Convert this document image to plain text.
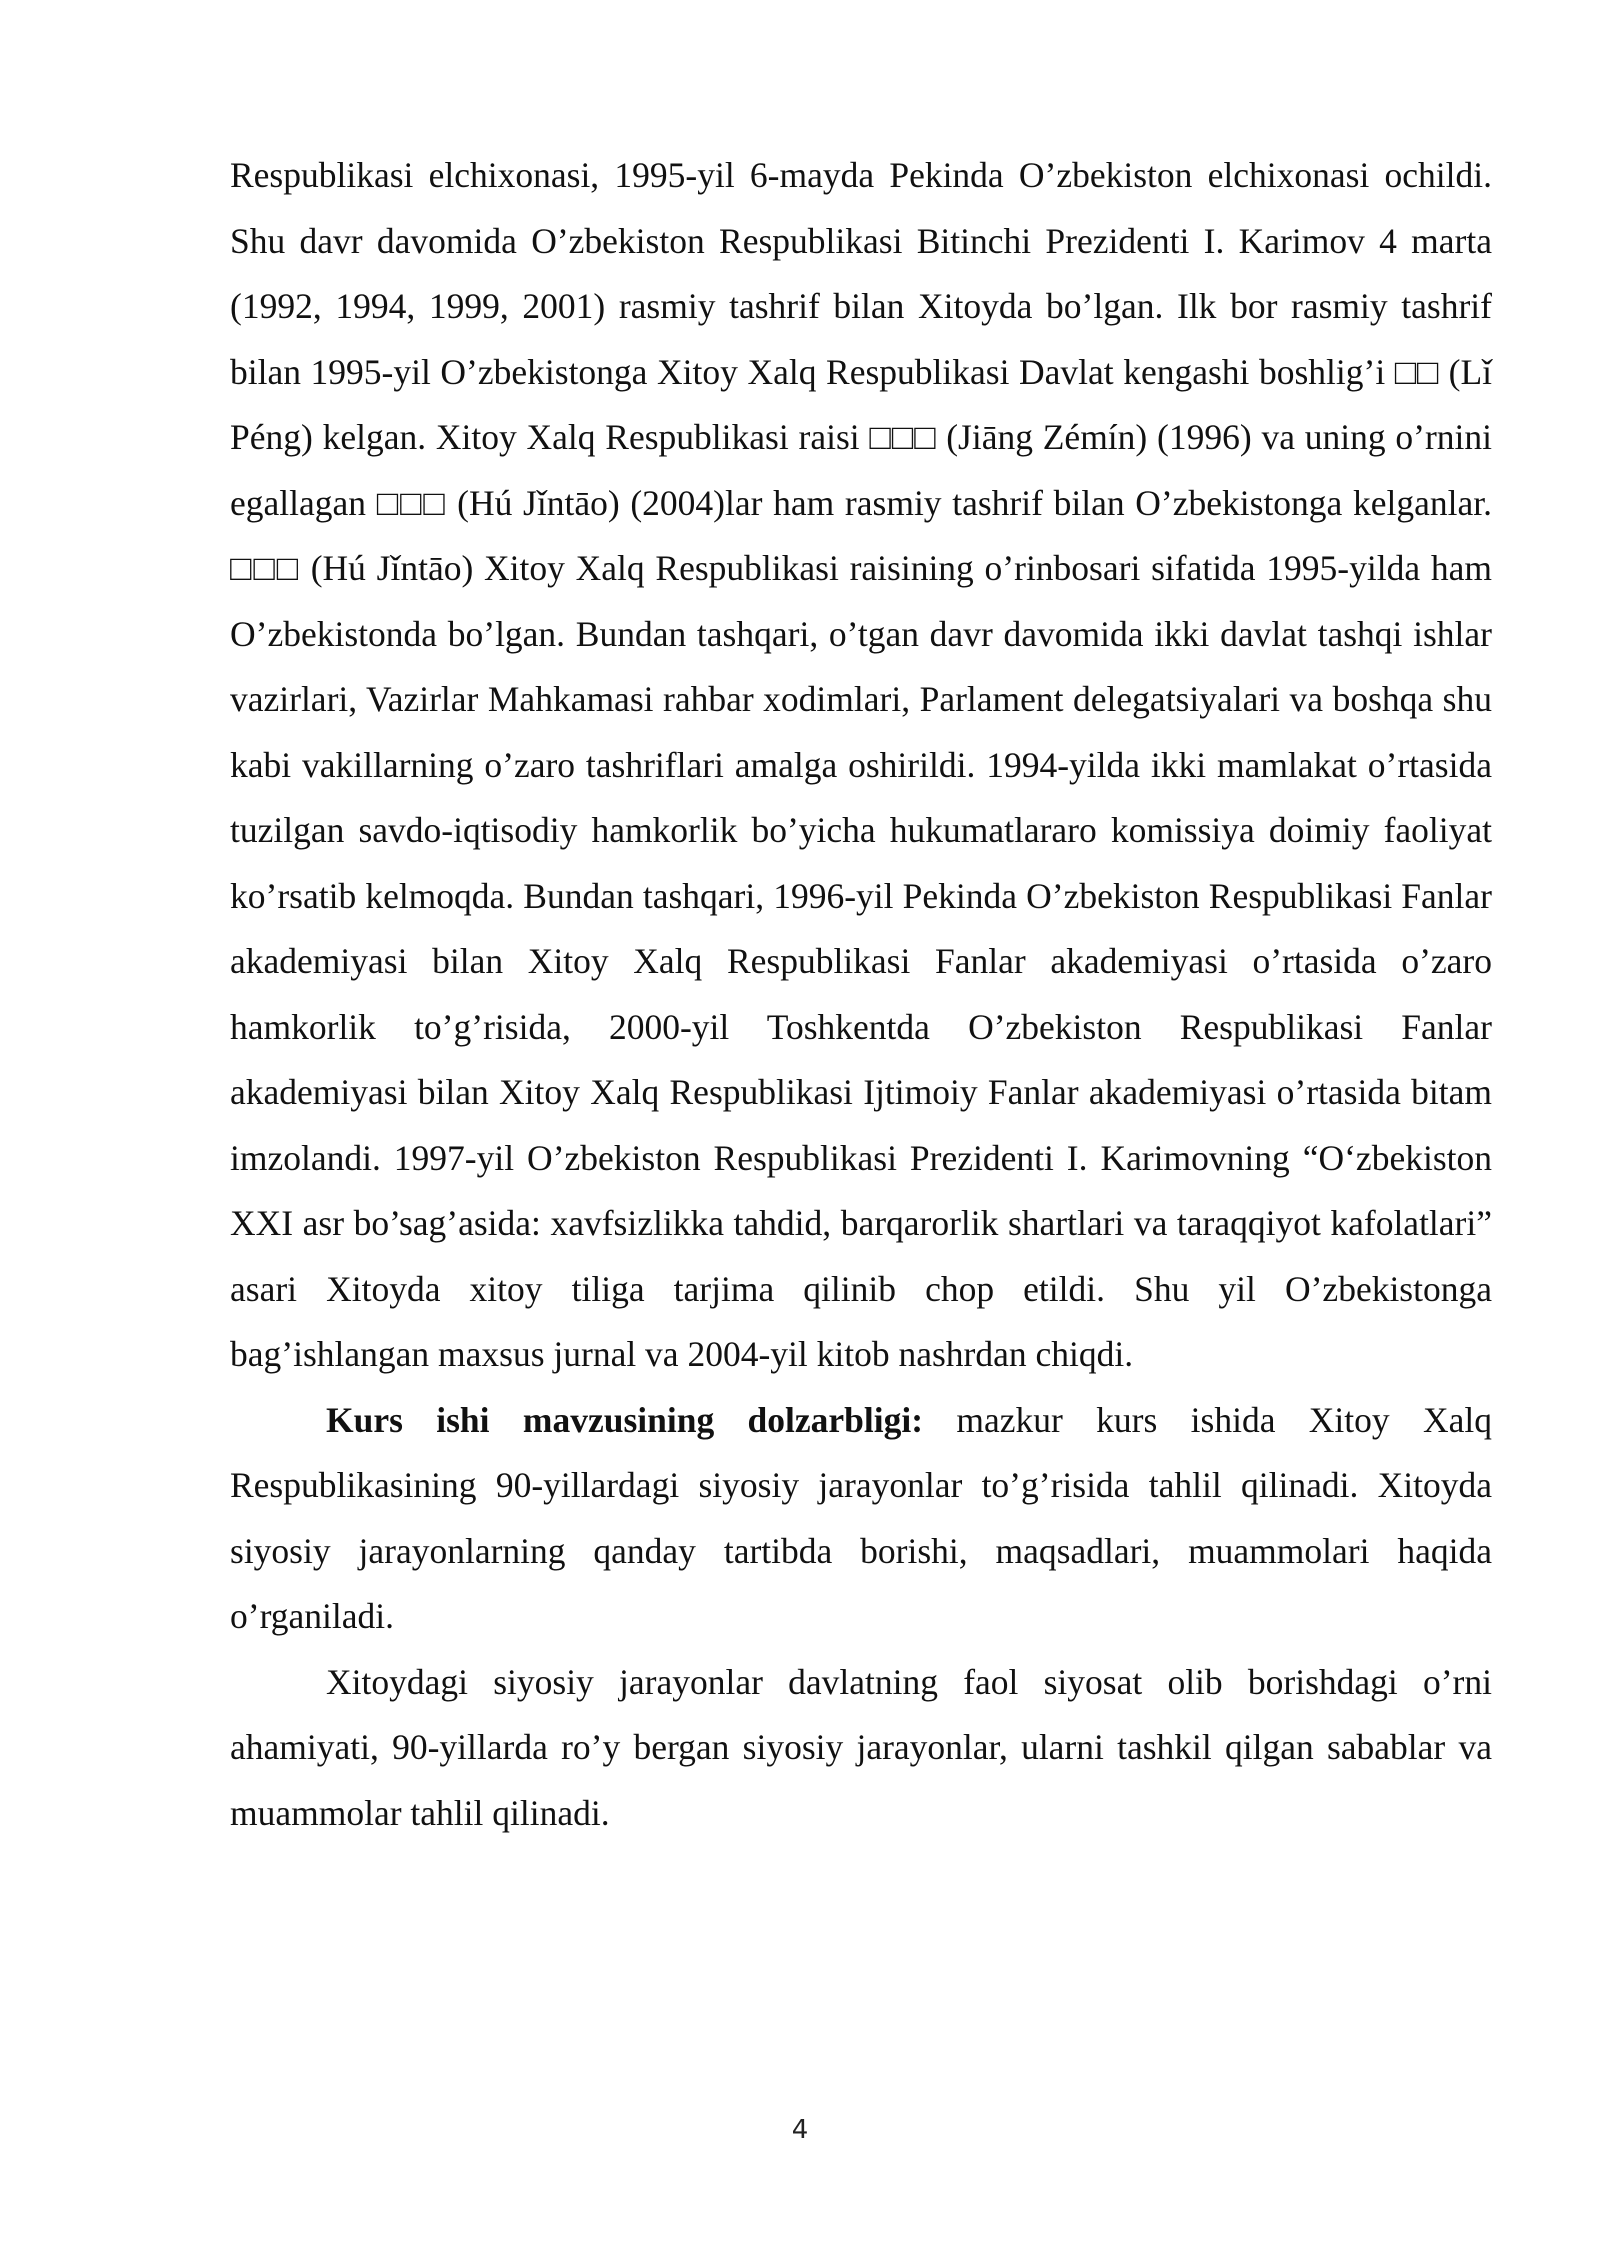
Respublikasi elchixonasi, 1995-yil 6-mayda Pekinda O’zbekiston elchixonasi ochildi. Shu davr davomida O’zbekiston Respublikasi Bitinchi Prezidenti I. Karimov 4 marta (1992, 1994, 1999, 2001) rasmiy tashrif bilan Xitoyda bo’lgan. Ilk bor rasmiy tashrif bilan 1995-yil O’zbekistonga Xitoy Xalq Respublikasi Davlat kengashi boshlig’i □□ (Lǐ Péng) kelgan. Xitoy Xalq Respublikasi raisi □□□ (Jiāng Zémín) (1996) va uning o’rnini egallagan □□□ (Hú Jǐntāo) (2004)lar ham rasmiy tashrif bilan O’zbekistonga kelganlar. □□□ (Hú Jǐntāo) Xitoy Xalq Respublikasi raisining o’rinbosari sifatida 1995-yilda ham O’zbekistonda bo’lgan. Bundan tashqari, o’tgan davr davomida ikki davlat tashqi ishlar vazirlari, Vazirlar Mahkamasi rahbar xodimlari, Parlament delegatsiyalari va boshqa shu kabi vakillarning o’zaro tashriflari amalga oshirildi. 1994-yilda ikki mamlakat o’rtasida tuzilgan savdo-iqtisodiy hamkorlik bo’yicha hukumatlararo komissiya doimiy faoliyat ko’rsatib kelmoqda. Bundan tashqari, 1996-yil Pekinda O’zbekiston Respublikasi Fanlar akademiyasi bilan Xitoy Xalq Respublikasi Fanlar akademiyasi o’rtasida o’zaro hamkorlik to’g’risida, 2000-yil Toshkentda O’zbekiston Respublikasi Fanlar akademiyasi bilan Xitoy Xalq Respublikasi Ijtimoiy Fanlar akademiyasi o’rtasida bitam imzolandi. 1997-yil O’zbekiston Respublikasi Prezidenti I. Karimovning “O‘zbekiston XXI asr bo’sag’asida: xavfsizlikka tahdid, barqarorlik shartlari va taraqqiyot kafolatlari” asari Xitoyda xitoy tiligа tarjima qilinib chop etildi. Shu yil O’zbekistonga bag’ishlangan maxsus jurnal va 2004-yil kitob nashrdan chiqdi.

Kurs ishi mavzusining dolzarbligi: mazkur kurs ishida Xitoy Xalq Respublikasining 90-yillardagi siyosiy jarayonlar to’g’risida tahlil qilinadi. Xitoyda siyosiy jarayonlarning qanday tartibda borishi, maqsadlari, muammolari haqida o’rganiladi.

Xitoydagi siyosiy jarayonlar davlatning faol siyosat olib borishdagi o’rni ahamiyati, 90-yillarda ro’y bergan siyosiy jarayonlar, ularni tashkil qilgan sabablar va muammolar tahlil qilinadi.

4
